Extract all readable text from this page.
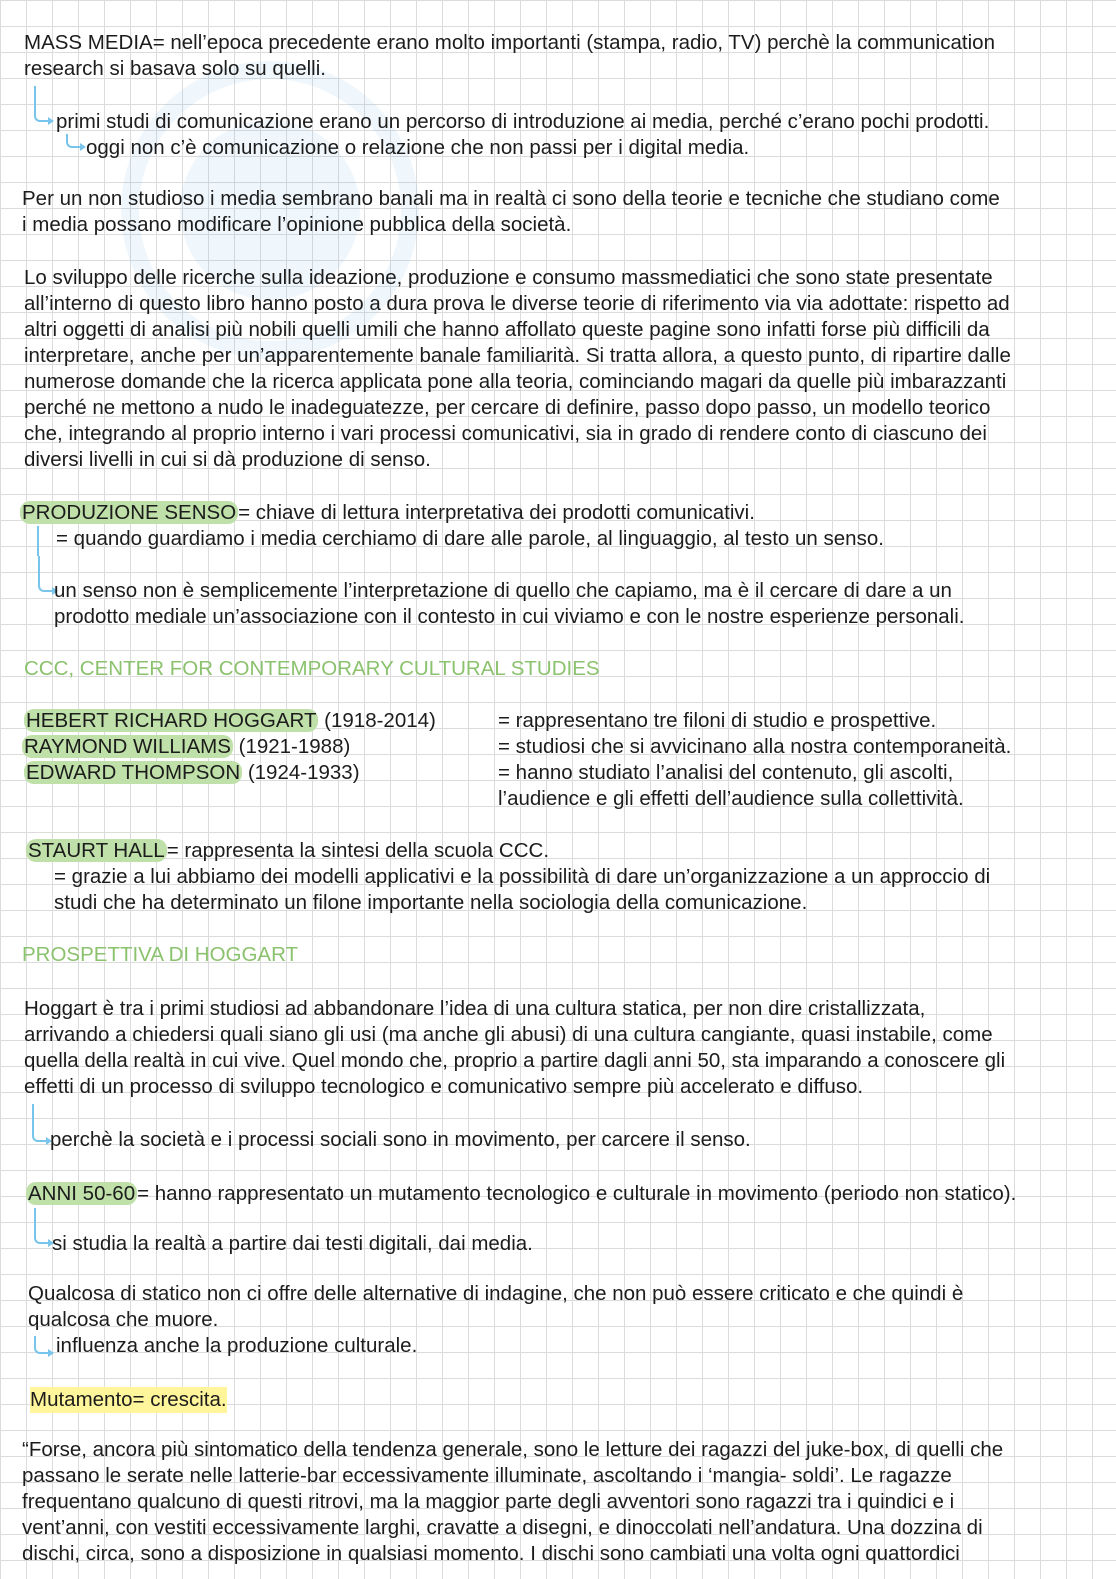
MASS MEDIA= nell’epoca precedente erano molto importanti (stampa, radio, TV) perchè la communication
research si basava solo su quelli.
primi studi di comunicazione erano un percorso di introduzione ai media, perché c’erano pochi prodotti.
oggi non c’è comunicazione o relazione che non passi per i digital media.
Per un non studioso i media sembrano banali ma in realtà ci sono della teorie e tecniche che studiano come
i media possano modificare l’opinione pubblica della società.
Lo sviluppo delle ricerche sulla ideazione, produzione e consumo massmediatici che sono state presentate
all’interno di questo libro hanno posto a dura prova le diverse teorie di riferimento via via adottate: rispetto ad
altri oggetti di analisi più nobili quelli umili che hanno affollato queste pagine sono infatti forse più difficili da
interpretare, anche per un’apparentemente banale familiarità. Si tratta allora, a questo punto, di ripartire dalle
numerose domande che la ricerca applicata pone alla teoria, cominciando magari da quelle più imbarazzanti
perché ne mettono a nudo le inadeguatezze, per cercare di definire, passo dopo passo, un modello teorico
che, integrando al proprio interno i vari processi comunicativi, sia in grado di rendere conto di ciascuno dei
diversi livelli in cui si dà produzione di senso.
PRODUZIONE SENSO= chiave di lettura interpretativa dei prodotti comunicativi.
= quando guardiamo i media cerchiamo di dare alle parole, al linguaggio, al testo un senso.
un senso non è semplicemente l’interpretazione di quello che capiamo, ma è il cercare di dare a un
prodotto mediale un’associazione con il contesto in cui viviamo e con le nostre esperienze personali.
CCC, CENTER FOR CONTEMPORARY CULTURAL STUDIES
HEBERT RICHARD HOGGART (1918-2014)
RAYMOND WILLIAMS (1921-1988)
EDWARD THOMPSON (1924-1933)
= rappresentano tre filoni di studio e prospettive.
= studiosi che si avvicinano alla nostra contemporaneità.
= hanno studiato l’analisi del contenuto, gli ascolti,
l’audience e gli effetti dell’audience sulla collettività.
STAURT HALL= rappresenta la sintesi della scuola CCC.
= grazie a lui abbiamo dei modelli applicativi e la possibilità di dare un’organizzazione a un approccio di
studi che ha determinato un filone importante nella sociologia della comunicazione.
PROSPETTIVA DI HOGGART
Hoggart è tra i primi studiosi ad abbandonare l’idea di una cultura statica, per non dire cristallizzata,
arrivando a chiedersi quali siano gli usi (ma anche gli abusi) di una cultura cangiante, quasi instabile, come
quella della realtà in cui vive. Quel mondo che, proprio a partire dagli anni 50, sta imparando a conoscere gli
effetti di un processo di sviluppo tecnologico e comunicativo sempre più accelerato e diffuso.
perchè la società e i processi sociali sono in movimento, per carcere il senso.
ANNI 50-60= hanno rappresentato un mutamento tecnologico e culturale in movimento (periodo non statico).
si studia la realtà a partire dai testi digitali, dai media.
Qualcosa di statico non ci offre delle alternative di indagine, che non può essere criticato e che quindi è
qualcosa che muore.
influenza anche la produzione culturale.
Mutamento= crescita.
“Forse, ancora più sintomatico della tendenza generale, sono le letture dei ragazzi del juke-box, di quelli che
passano le serate nelle latterie-bar eccessivamente illuminate, ascoltando i ‘mangia- soldi’. Le ragazze
frequentano qualcuno di questi ritrovi, ma la maggior parte degli avventori sono ragazzi tra i quindici e i
vent’anni, con vestiti eccessivamente larghi, cravatte a disegni, e dinoccolati nell’andatura. Una dozzina di
dischi, circa, sono a disposizione in qualsiasi momento. I dischi sono cambiati una volta ogni quattordici
